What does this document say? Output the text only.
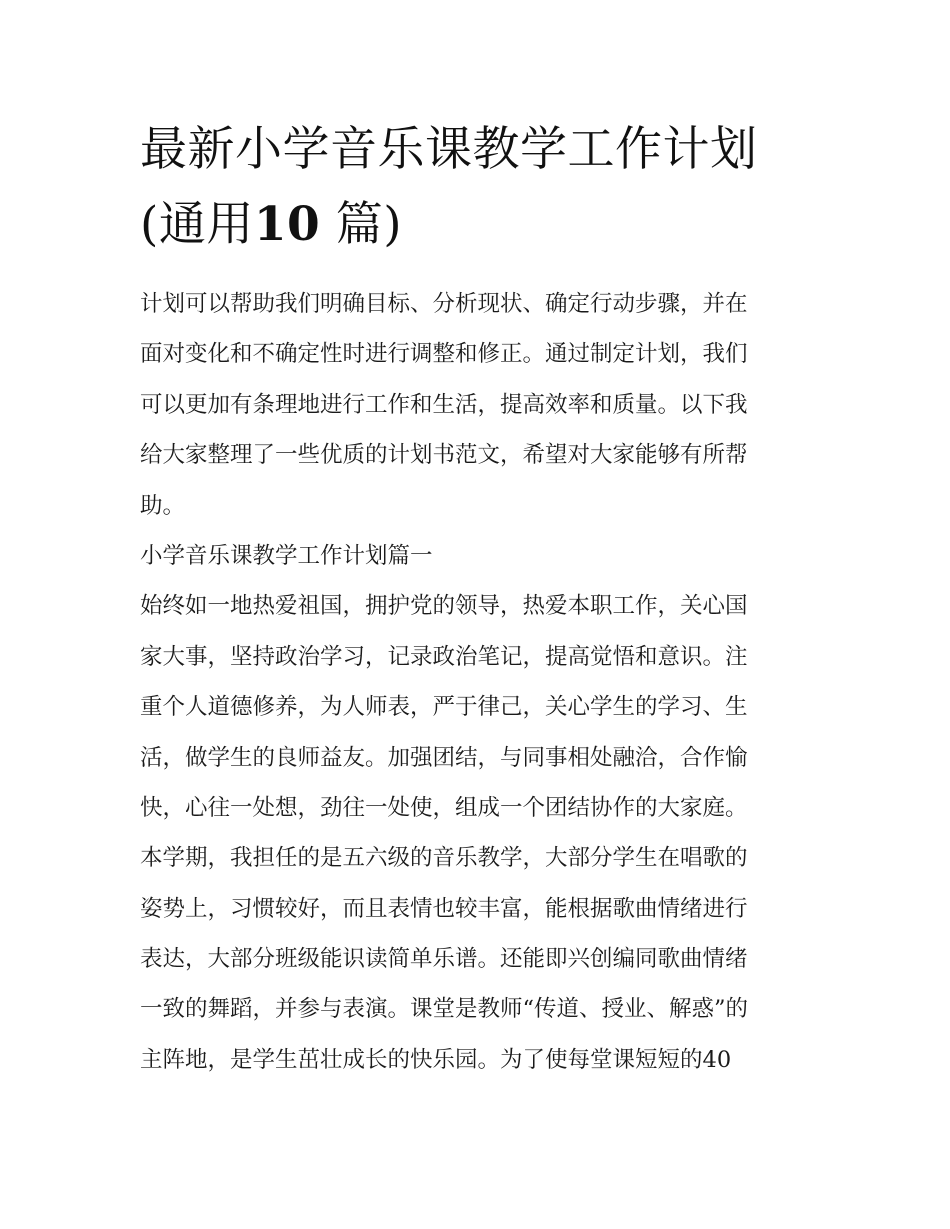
最新小学音乐课教学工作计划
(通用10 篇)
计划可以帮助我们明确目标、分析现状、确定行动步骤，并在
面对变化和不确定性时进行调整和修正。通过制定计划，我们
可以更加有条理地进行工作和生活，提高效率和质量。以下我
给大家整理了一些优质的计划书范文，希望对大家能够有所帮
助。
小学音乐课教学工作计划篇一
始终如一地热爱祖国，拥护党的领导，热爱本职工作，关心国
家大事，坚持政治学习，记录政治笔记，提高觉悟和意识。注
重个人道德修养，为人师表，严于律己，关心学生的学习、生
活，做学生的良师益友。加强团结，与同事相处融洽，合作愉
快，心往一处想，劲往一处使，组成一个团结协作的大家庭。
本学期，我担任的是五六级的音乐教学，大部分学生在唱歌的
姿势上，习惯较好，而且表情也较丰富，能根据歌曲情绪进行
表达，大部分班级能识读简单乐谱。还能即兴创编同歌曲情绪
一致的舞蹈，并参与表演。课堂是教师“传道、授业、解惑”的
主阵地，是学生茁壮成长的快乐园。为了使每堂课短短的40
